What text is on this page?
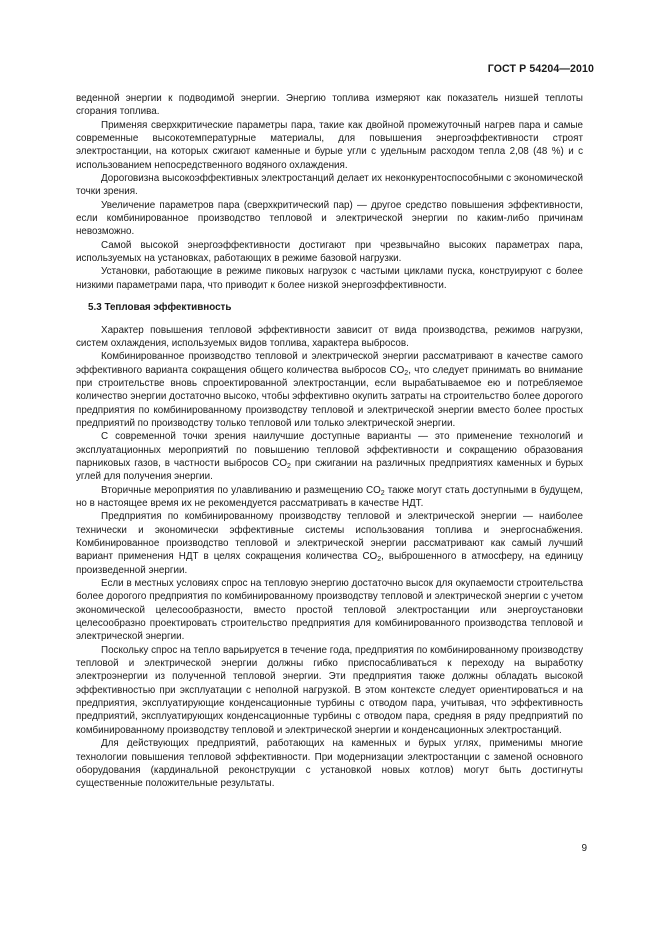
ГОСТ Р 54204—2010

веденной энергии к подводимой энергии. Энергию топлива измеряют как показатель низшей теплоты сгорания топлива.

Применяя сверхкритические параметры пара, такие как двойной промежуточный нагрев пара и самые современные высокотемпературные материалы, для повышения энергоэффективности строят электростанции, на которых сжигают каменные и бурые угли с удельным расходом тепла 2,08 (48 %) и с использованием непосредственного водяного охлаждения.

Дороговизна высокоэффективных электростанций делает их неконкурентоспособными с экономической точки зрения.

Увеличение параметров пара (сверхкритический пар) — другое средство повышения эффективности, если комбинированное производство тепловой и электрической энергии по каким-либо причинам невозможно.

Самой высокой энергоэффективности достигают при чрезвычайно высоких параметрах пара, используемых на установках, работающих в режиме базовой нагрузки.

Установки, работающие в режиме пиковых нагрузок с частыми циклами пуска, конструируют с более низкими параметрами пара, что приводит к более низкой энергоэффективности.

5.3 Тепловая эффективность

Характер повышения тепловой эффективности зависит от вида производства, режимов нагрузки, систем охлаждения, используемых видов топлива, характера выбросов.

Комбинированное производство тепловой и электрической энергии рассматривают в качестве самого эффективного варианта сокращения общего количества выбросов $CO_2$, что следует принимать во внимание при строительстве вновь спроектированной электростанции, если вырабатываемое ею и потребляемое количество энергии достаточно высоко, чтобы эффективно окупить затраты на строительство более дорогого предприятия по комбинированному производству тепловой и электрической энергии вместо более простых предприятий по производству только тепловой или только электрической энергии.

С современной точки зрения наилучшие доступные варианты — это применение технологий и эксплуатационных мероприятий по повышению тепловой эффективности и сокращению образования парниковых газов, в частности выбросов $CO_2$ при сжигании на различных предприятиях каменных и бурых углей для получения энергии.

Вторичные мероприятия по улавливанию и размещению $CO_2$ также могут стать доступными в будущем, но в настоящее время их не рекомендуется рассматривать в качестве НДТ.

Предприятия по комбинированному производству тепловой и электрической энергии — наиболее технически и экономически эффективные системы использования топлива и энергоснабжения. Комбинированное производство тепловой и электрической энергии рассматривают как самый лучший вариант применения НДТ в целях сокращения количества $CO_2$, выброшенного в атмосферу, на единицу произведенной энергии.

Если в местных условиях спрос на тепловую энергию достаточно высок для окупаемости строительства более дорогого предприятия по комбинированному производству тепловой и электрической энергии с учетом экономической целесообразности, вместо простой тепловой электростанции или энергоустановки целесообразно проектировать строительство предприятия для комбинированного производства тепловой и электрической энергии.

Поскольку спрос на тепло варьируется в течение года, предприятия по комбинированному производству тепловой и электрической энергии должны гибко приспосабливаться к переходу на выработку электроэнергии из полученной тепловой энергии. Эти предприятия также должны обладать высокой эффективностью при эксплуатации с неполной нагрузкой. В этом контексте следует ориентироваться и на предприятия, эксплуатирующие конденсационные турбины с отводом пара, учитывая, что эффективность предприятий, эксплуатирующих конденсационные турбины с отводом пара, средняя в ряду предприятий по комбинированному производству тепловой и электрической энергии и конденсационных электростанций.

Для действующих предприятий, работающих на каменных и бурых углях, применимы многие технологии повышения тепловой эффективности. При модернизации электростанции с заменой основного оборудования (кардинальной реконструкции с установкой новых котлов) могут быть достигнуты существенные положительные результаты.

9
